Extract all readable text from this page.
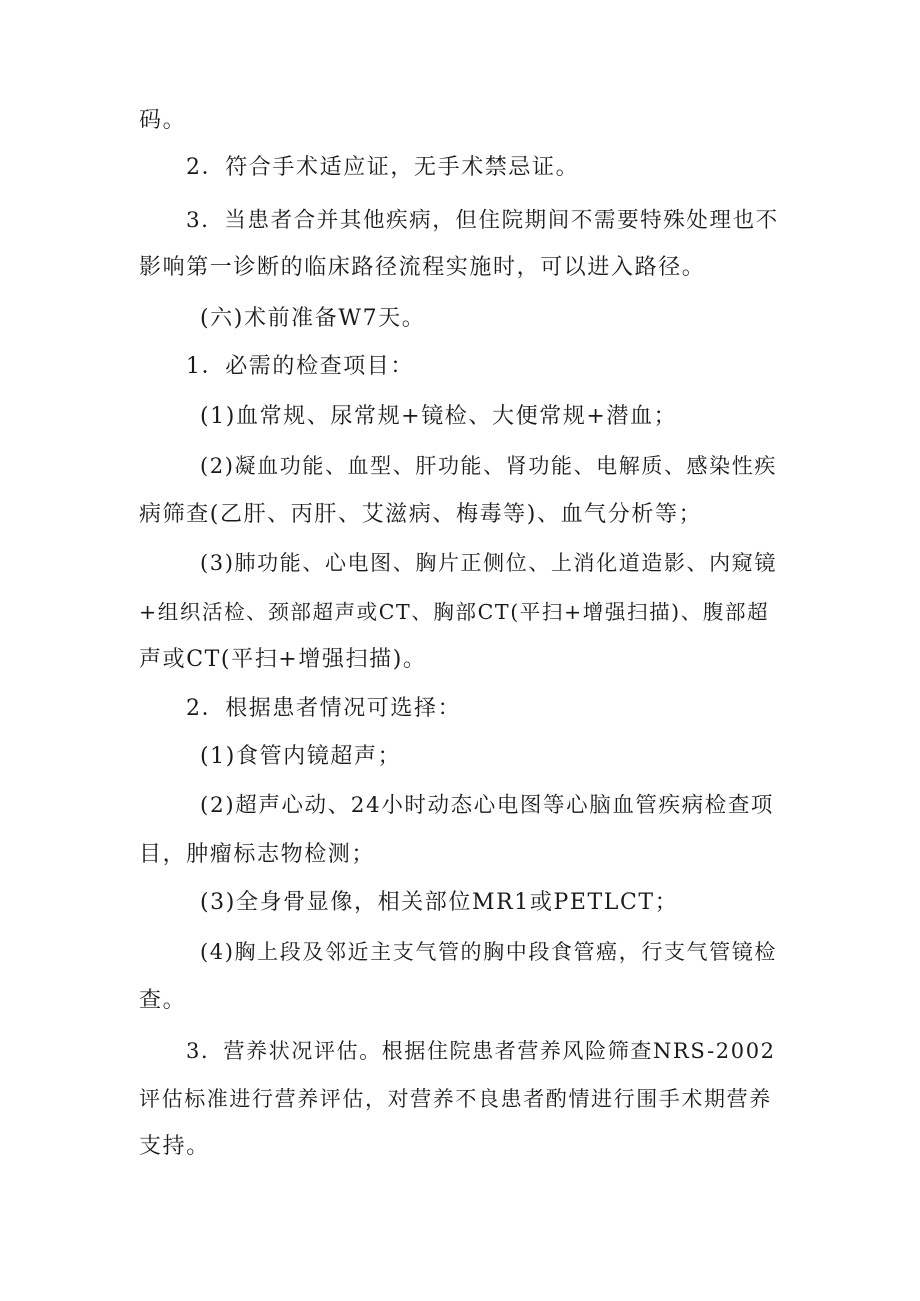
码。
2．符合手术适应证，无手术禁忌证。
3．当患者合并其他疾病，但住院期间不需要特殊处理也不
影响第一诊断的临床路径流程实施时，可以进入路径。
(六)术前准备W7天。
1．必需的检查项目：
(1)血常规、尿常规+镜检、大便常规+潜血；
(2)凝血功能、血型、肝功能、肾功能、电解质、感染性疾
病筛查(乙肝、丙肝、艾滋病、梅毒等)、血气分析等；
(3)肺功能、心电图、胸片正侧位、上消化道造影、内窥镜
+组织活检、颈部超声或CT、胸部CT(平扫+增强扫描)、腹部超
声或CT(平扫+增强扫描)。
2．根据患者情况可选择：
(1)食管内镜超声；
(2)超声心动、24小时动态心电图等心脑血管疾病检查项
目，肿瘤标志物检测；
(3)全身骨显像，相关部位MR1或PETLCT；
(4)胸上段及邻近主支气管的胸中段食管癌，行支气管镜检
查。
3．营养状况评估。根据住院患者营养风险筛查NRS-2002
评估标准进行营养评估，对营养不良患者酌情进行围手术期营养
支持。
